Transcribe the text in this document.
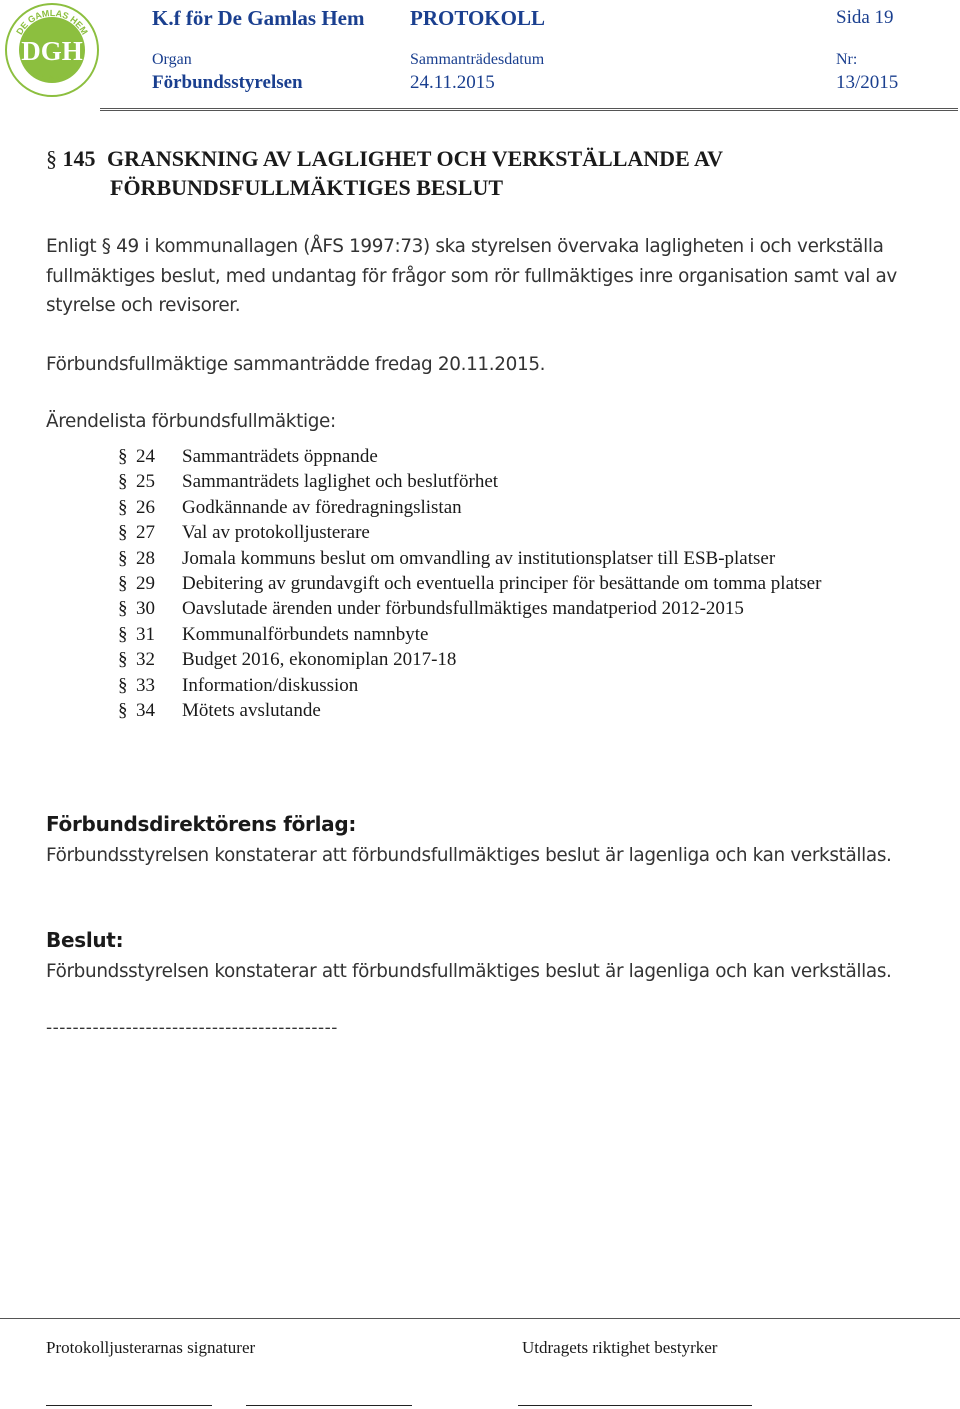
DE GAMLAS HEM
Å L A N D
DGH
K.f för De Gamlas Hem PROTOKOLL	Sida 19
Organ	Sammanträdesdatum	Nr:
Förbundsstyrelsen	24.11.2015	13/2015
§ 145 GRANSKNING AV LAGLIGHET OCH VERKSTÄLLANDE AV
FÖRBUNDSFULLMÄKTIGES BESLUT

Enligt § 49 i kommunallagen (ÅFS 1997:73) ska styrelsen övervaka lagligheten i och verkställa fullmäktiges beslut, med undantag för frågor som rör fullmäktiges inre organisation samt val av styrelse och revisorer.

Förbundsfullmäktige sammanträdde fredag 20.11.2015.

Ärendelista förbundsfullmäktige:

§ 24 Sammanträdets öppnande
§ 25 Sammanträdets laglighet och beslutförhet
§ 26 Godkännande av föredragningslistan
§ 27 Val av protokolljusterare
§ 28 Jomala kommuns beslut om omvandling av institutionsplatser till ESB-platser
§ 29 Debitering av grundavgift och eventuella principer för besättande om tomma platser
§ 30 Oavslutade ärenden under förbundsfullmäktiges mandatperiod 2012-2015
§ 31 Kommunalförbundets namnbyte
§ 32 Budget 2016, ekonomiplan 2017-18
§ 33 Information/diskussion
§ 34 Mötets avslutande

Förbundsdirektörens förlag:

Förbundsstyrelsen konstaterar att förbundsfullmäktiges beslut är lagenliga och kan verkställas.

Beslut:

Förbundsstyrelsen konstaterar att förbundsfullmäktiges beslut är lagenliga och kan verkställas.

--------------------------------------------
Protokolljusterarnas signaturer	Utdragets riktighet bestyrker
